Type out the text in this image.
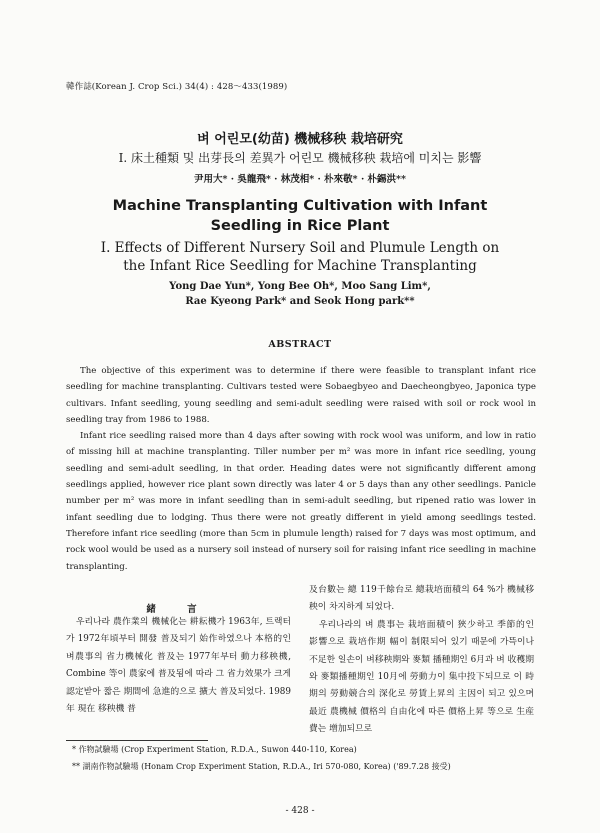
韓作誌(Korean J. Crop Sci.) 34(4) : 428～433(1989)
벼 어린모(幼苗) 機械移秧 栽培研究
Ⅰ. 床土種類 및 出芽長의 差異가 어린모 機械移秧 栽培에 미치는 影響
尹用大* · 吳龍飛* · 林茂相* · 朴來敬* · 朴錫洪**
Machine Transplanting Cultivation with Infant
Seedling in Rice Plant
Ⅰ. Effects of Different Nursery Soil and Plumule Length on
the Infant Rice Seedling for Machine Transplanting
Yong Dae Yun*, Yong Bee Oh*, Moo Sang Lim*,
Rae Kyeong Park* and Seok Hong park**
ABSTRACT

The objective of this experiment was to determine if there were feasible to transplant infant rice seedling for machine transplanting. Cultivars tested were Sobaegbyeo and Daecheongbyeo, Japonica type cultivars. Infant seedling, young seedling and semi-adult seedling were raised with soil or rock wool in seedling tray from 1986 to 1988.

Infant rice seedling raised more than 4 days after sowing with rock wool was uniform, and low in ratio of missing hill at machine transplanting. Tiller number per m² was more in infant rice seedling, young seedling and semi-adult seedling, in that order. Heading dates were not significantly different among seedlings applied, however rice plant sown directly was later 4 or 5 days than any other seedlings. Panicle number per m² was more in infant seedling than in semi-adult seedling, but ripened ratio was lower in infant seedling due to lodging. Thus there were not greatly different in yield among seedlings tested. Therefore infant rice seedling (more than 5cm in plumule length) raised for 7 days was most optimum, and rock wool would be used as a nursery soil instead of nursery soil for raising infant rice seedling in machine transplanting.

緒 言

우리나라 農作業의 機械化는 耕耘機가 1963年, 트랙터가 1972年頃부터 開發 普及되기 始作하였으나 本格的인 벼農事의 省力機械化 普及는 1977年부터 動力移秧機, Combine 等이 農家에 普及됨에 따라 그 省力效果가 크게 認定받아 짧은 期間에 急進的으로 擴大 普及되었다. 1989年 現在 移秧機 普

及台數는 總 119千餘台로 總栽培面積의 64 %가 機械移秧이 차지하게 되었다.

우리나라의 벼 農事는 栽培面積이 狹少하고 季節的인 影響으로 栽培作期 幅이 制限되어 있기 때문에 가뜩이나 不足한 일손이 벼移秧期와 麥類 播種期인 6月과 벼 收穫期와 麥類播種期인 10月에 勞動力이 集中投下되므로 이 時期의 勞動競合의 深化로 勞賃上昇의 主因이 되고 있으며 最近 農機械 價格의 自由化에 따른 價格上昇 等으로 生産費는 增加되므로

* 作物試驗場 (Crop Experiment Station, R.D.A., Suwon 440-110, Korea)
** 湖南作物試驗場 (Honam Crop Experiment Station, R.D.A., Iri 570-080, Korea) ('89.7.28 接受)
- 428 -
